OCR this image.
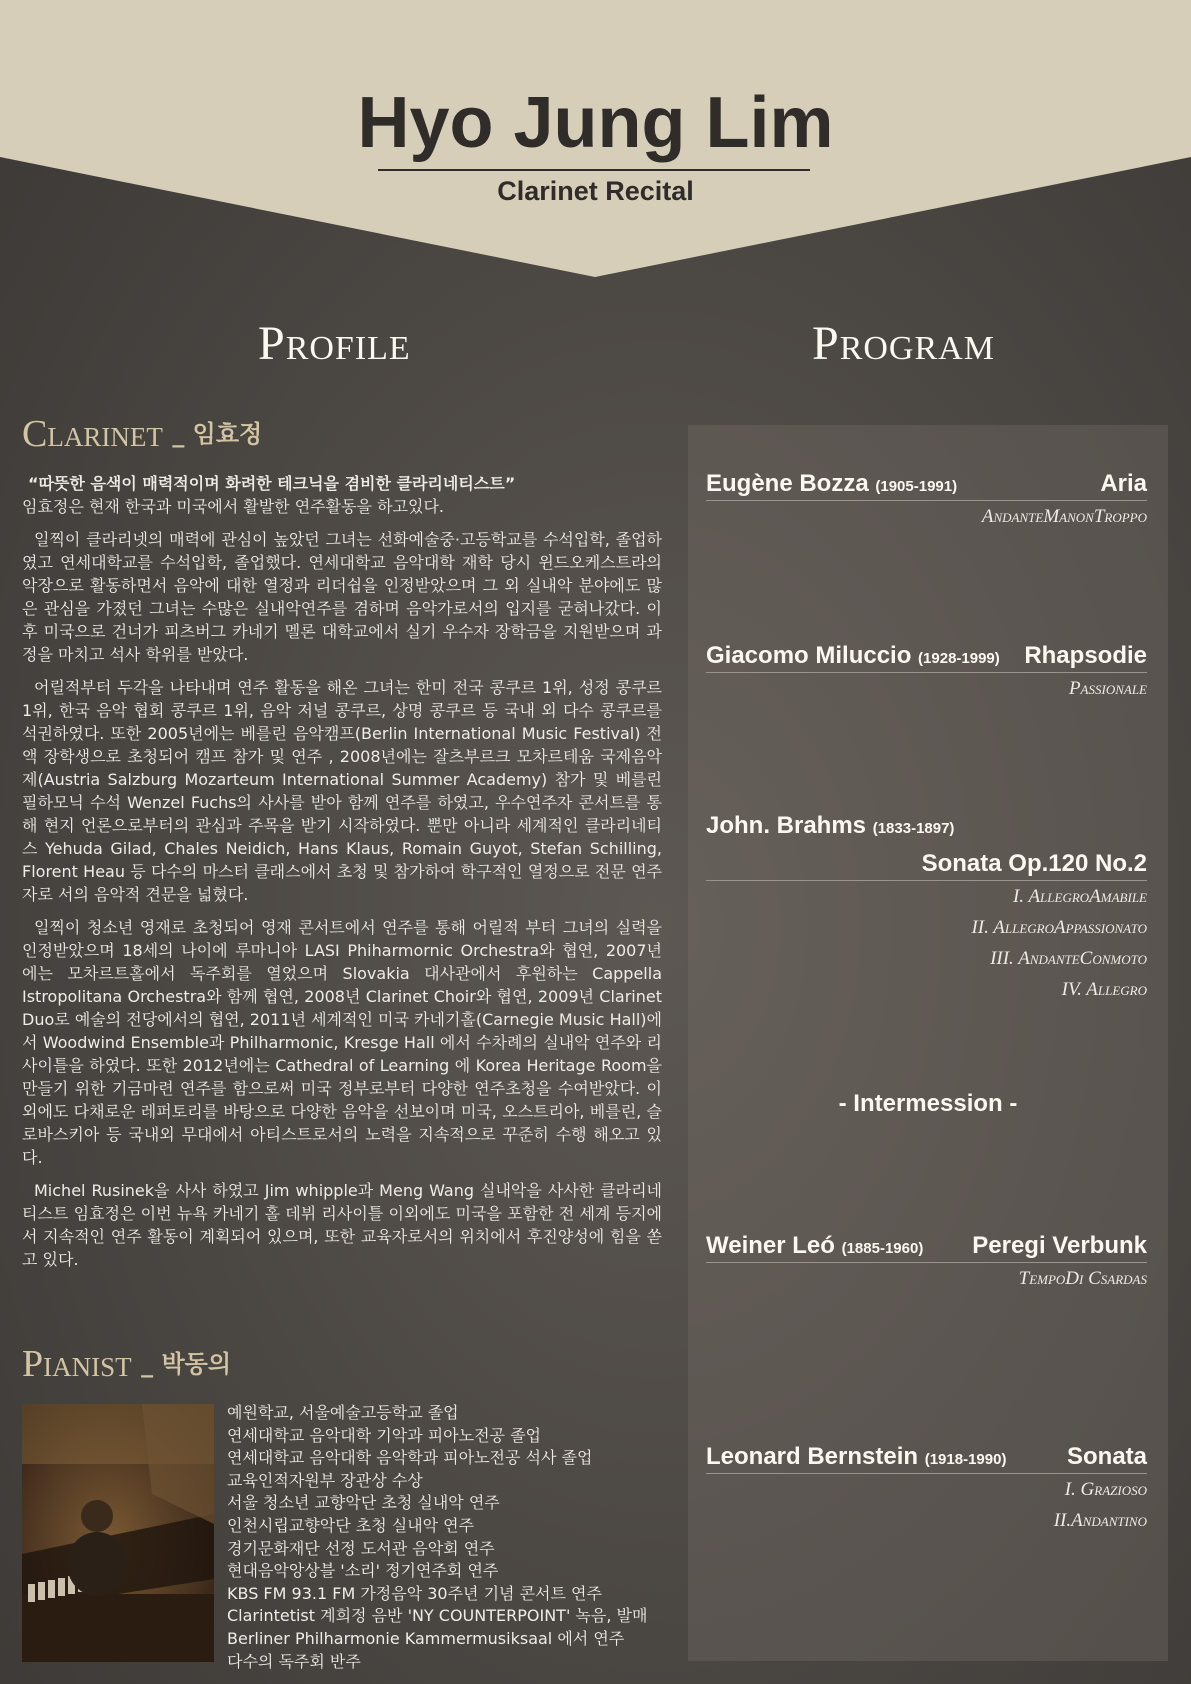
Hyo Jung Lim
Clarinet Recital
Profile	Program
Clarinet _ 임효정

“따뜻한 음색이 매력적이며 화려한 테크닉을 겸비한 클라리네티스트”

임효정은 현재 한국과 미국에서 활발한 연주활동을 하고있다.

일찍이 클라리넷의 매력에 관심이 높았던 그녀는 선화예술중·고등학교를 수석입학, 졸업하였고 연세대학교를 수석입학, 졸업했다. 연세대학교 음악대학 재학 당시 윈드오케스트라의 악장으로 활동하면서 음악에 대한 열정과 리더쉽을 인정받았으며 그 외 실내악 분야에도 많은 관심을 가졌던 그녀는 수많은 실내악연주를 겸하며 음악가로서의 입지를 굳혀나갔다. 이 후 미국으로 건너가 피츠버그 카네기 멜론 대학교에서 실기 우수자 장학금을 지원받으며 과정을 마치고 석사 학위를 받았다.

어릴적부터 두각을 나타내며 연주 활동을 해온 그녀는 한미 전국 콩쿠르 1위, 성정 콩쿠르 1위, 한국 음악 협회 콩쿠르 1위, 음악 저널 콩쿠르, 상명 콩쿠르 등 국내 외 다수 콩쿠르를 석권하였다. 또한 2005년에는 베를린 음악캠프(Berlin International Music Festival) 전액 장학생으로 초청되어 캠프 참가 및 연주 , 2008년에는 잘츠부르크 모차르테움 국제음악제(Austria Salzburg Mozarteum International Summer Academy) 참가 및 베를린 필하모닉 수석 Wenzel Fuchs의 사사를 받아 함께 연주를 하였고, 우수연주자 콘서트를 통해 현지 언론으로부터의 관심과 주목을 받기 시작하였다. 뿐만 아니라 세계적인 클라리네티스 Yehuda Gilad, Chales Neidich, Hans Klaus, Romain Guyot, Stefan Schilling, Florent Heau 등 다수의 마스터 클래스에서 초청 및 참가하여 학구적인 열정으로 전문 연주자로 서의 음악적 견문을 넓혔다.

일찍이 청소년 영재로 초청되어 영재 콘서트에서 연주를 통해 어릴적 부터 그녀의 실력을 인정받았으며 18세의 나이에 루마니아 LASI Phiharmornic Orchestra와 협연, 2007년 에는 모차르트홀에서 독주회를 열었으며 Slovakia 대사관에서 후원하는 Cappella Istropolitana Orchestra와 함께 협연, 2008년 Clarinet Choir와 협연, 2009년 Clarinet Duo로 예술의 전당에서의 협연, 2011년 세계적인 미국 카네기홀(Carnegie Music Hall)에서 Woodwind Ensemble과 Philharmonic, Kresge Hall 에서 수차례의 실내악 연주와 리사이틀을 하였다. 또한 2012년에는 Cathedral of Learning 에 Korea Heritage Room을 만들기 위한 기금마련 연주를 함으로써 미국 정부로부터 다양한 연주초청을 수여받았다. 이 외에도 다채로운 레퍼토리를 바탕으로 다양한 음악을 선보이며 미국, 오스트리아, 베를린, 슬로바스키아 등 국내외 무대에서 아티스트로서의 노력을 지속적으로 꾸준히 수행 해오고 있다.

Michel Rusinek을 사사 하였고 Jim whipple과 Meng Wang 실내악을 사사한 클라리네티스트 임효정은 이번 뉴욕 카네기 홀 데뷔 리사이틀 이외에도 미국을 포함한 전 세계 등지에서 지속적인 연주 활동이 계획되어 있으며, 또한 교육자로서의 위치에서 후진양성에 힘을 쏟고 있다.

Pianist _ 박동의
예원학교, 서울예술고등학교 졸업
연세대학교 음악대학 기악과 피아노전공 졸업
연세대학교 음악대학 음악학과 피아노전공 석사 졸업
교육인적자원부 장관상 수상
서울 청소년 교향악단 초청 실내악 연주
인천시립교향악단 초청 실내악 연주
경기문화재단 선정 도서관 음악회 연주
현대음악앙상블 '소리' 정기연주회 연주
KBS FM 93.1 FM 가정음악 30주년 기념 콘서트 연주
Clarintetist 계희정 음반 'NY COUNTERPOINT' 녹음, 발매
Berliner Philharmonie Kammermusiksaal 에서 연주
다수의 독주회 반주
Eugène Bozza (1905-1991)	Aria
AndanteManonTroppo
Giacomo Miluccio (1928-1999) Rhapsodie
Passionale
John. Brahms (1833-1897)
Sonata Op.120 No.2
I. AllegroAmabile
II. AllegroAppassionato
III. AndanteConmoto
IV. Allegro
- Intermession -
Weiner Leó (1885-1960) Peregi Verbunk
TempoDi Csardas
Leonard Bernstein (1918-1990)	Sonata
I. Grazioso
II.Andantino
